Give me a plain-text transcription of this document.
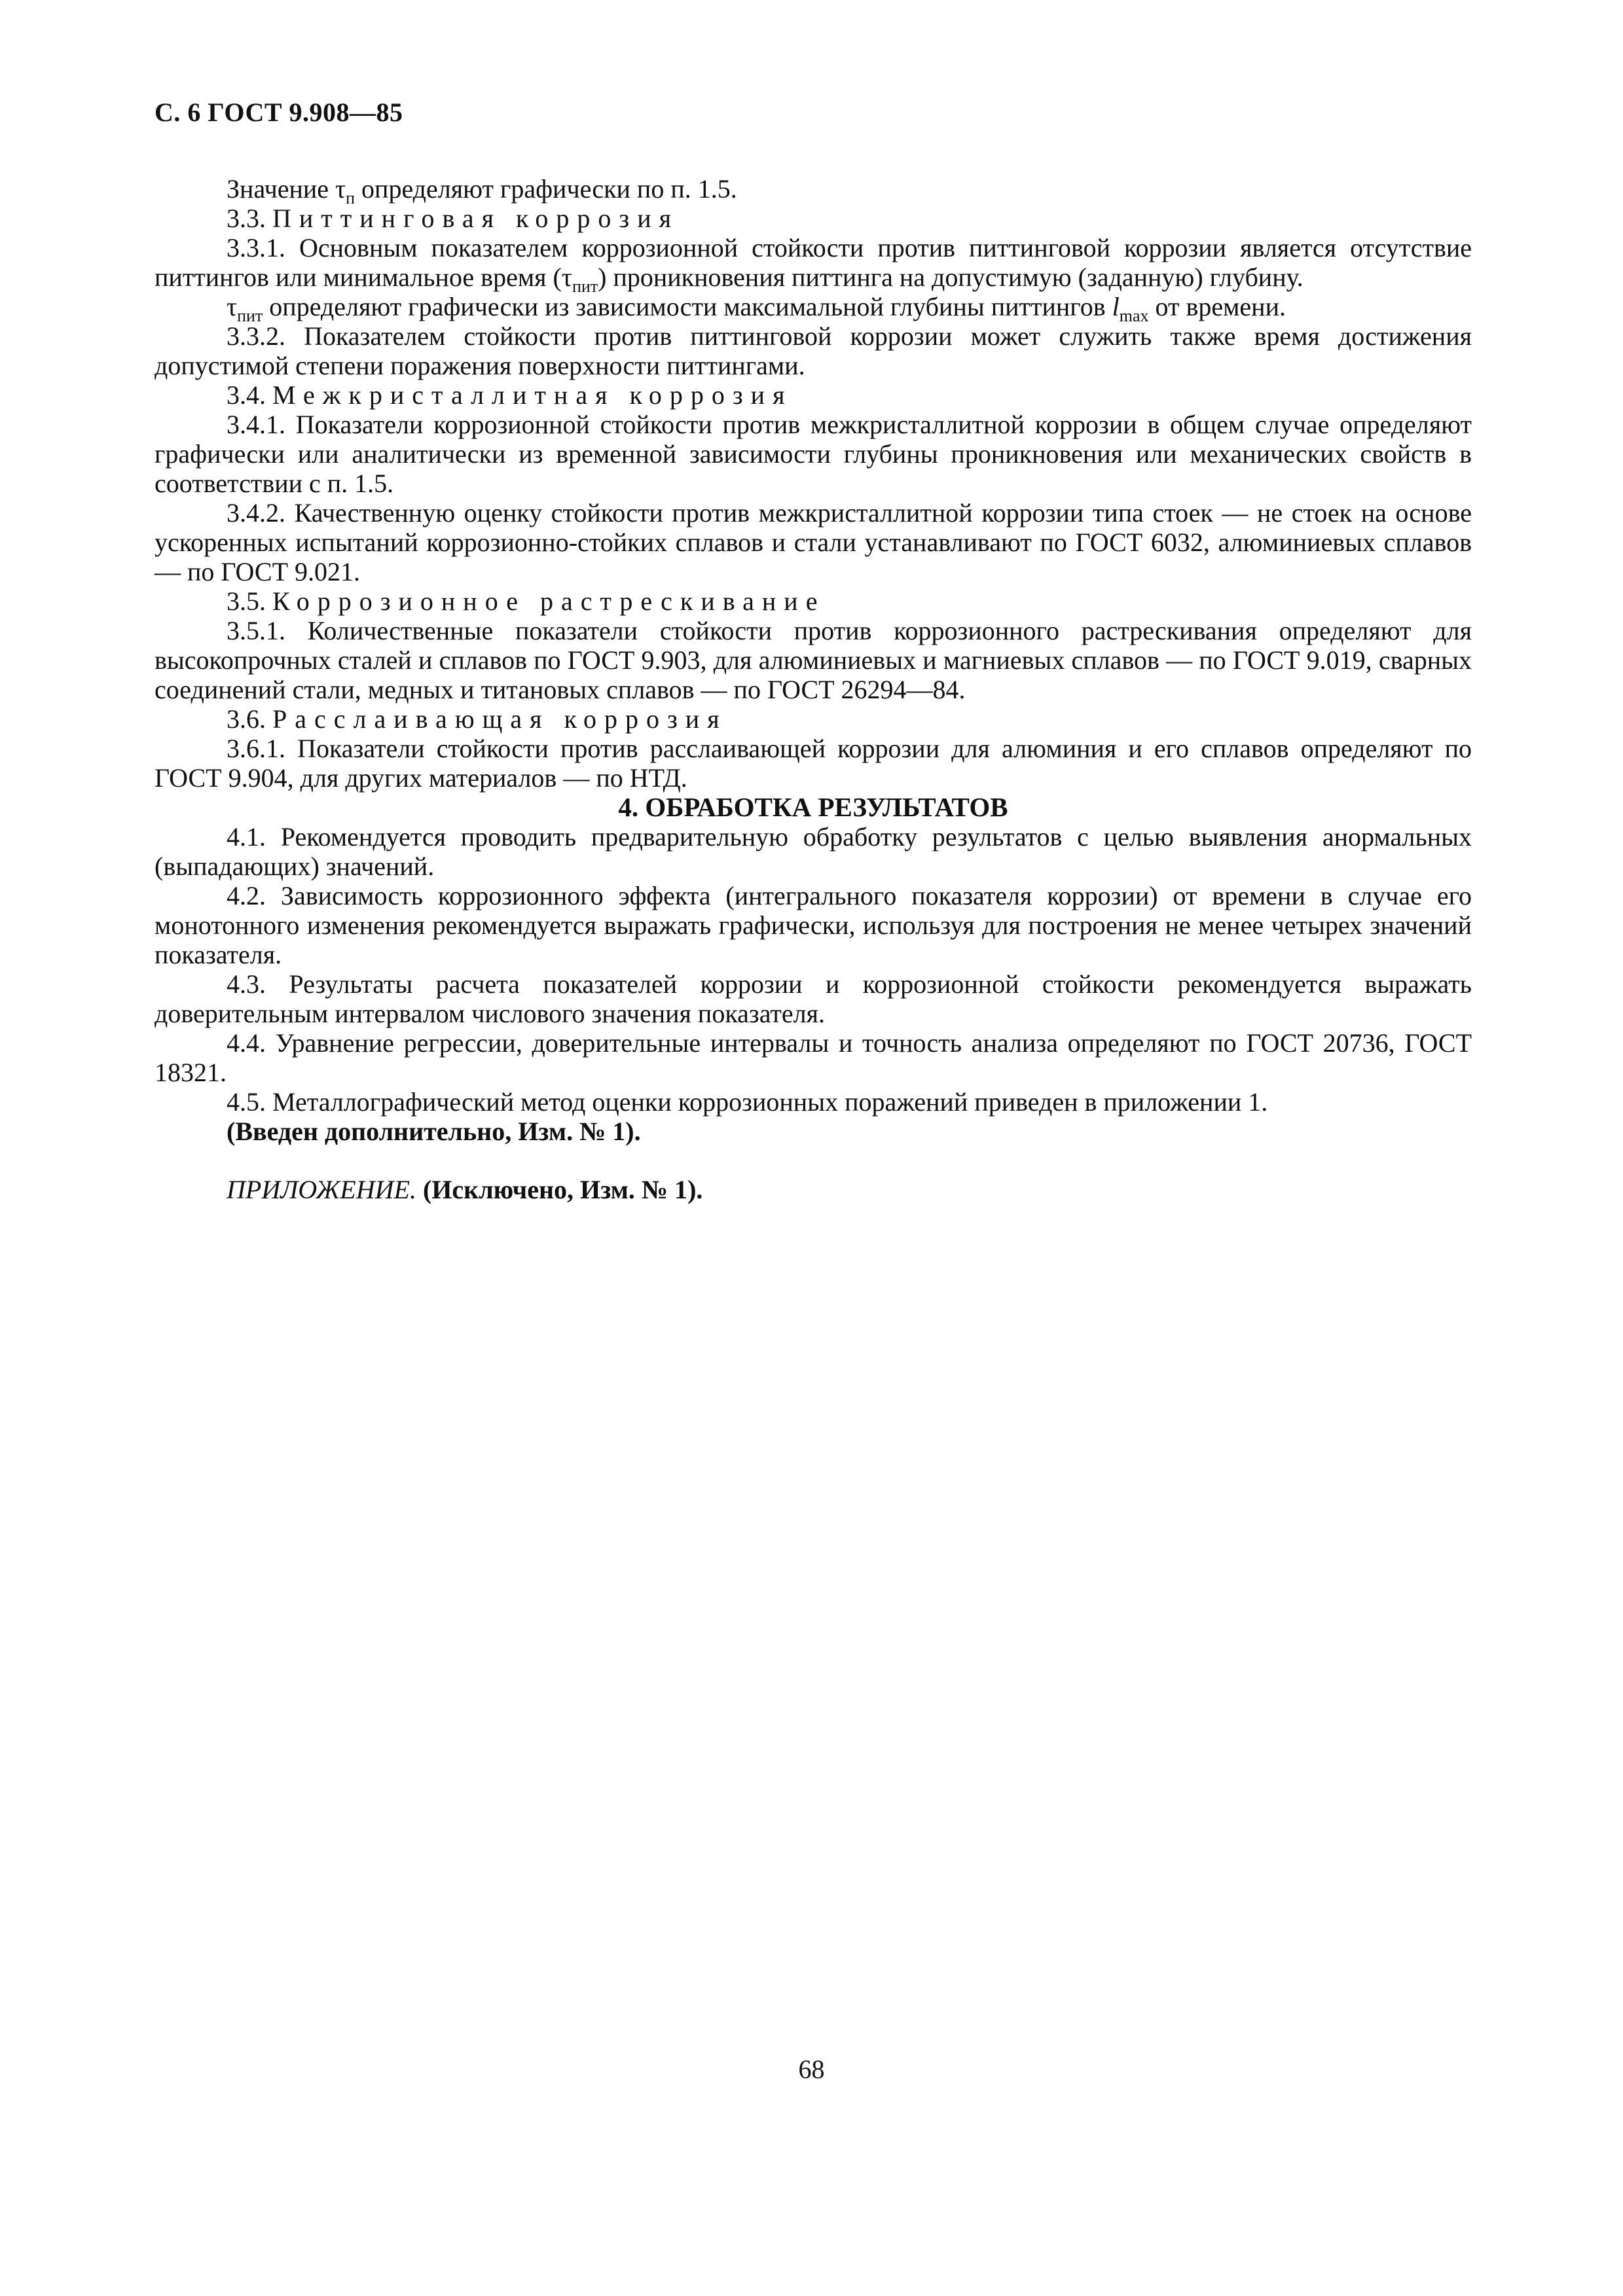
С. 6 ГОСТ 9.908—85

Значение $\tau_п$ определяют графически по п. 1.5.

3.3. Питтинговая коррозия

3.3.1. Основным показателем коррозионной стойкости против питтинговой коррозии является отсутствие питтингов или минимальное время $(\tau_{пит})$ проникновения питтинга на допустимую (заданную) глубину.

$\tau_{пит}$ определяют графически из зависимости максимальной глубины питтингов $l_{max}$ от времени.

3.3.2. Показателем стойкости против питтинговой коррозии может служить также время достижения допустимой степени поражения поверхности питтингами.

3.4. Межкристаллитная коррозия

3.4.1. Показатели коррозионной стойкости против межкристаллитной коррозии в общем случае определяют графически или аналитически из временной зависимости глубины проникновения или механических свойств в соответствии с п. 1.5.

3.4.2. Качественную оценку стойкости против межкристаллитной коррозии типа стоек — не стоек на основе ускоренных испытаний коррозионно-стойких сплавов и стали устанавливают по ГОСТ 6032, алюминиевых сплавов — по ГОСТ 9.021.

3.5. Коррозионное растрескивание

3.5.1. Количественные показатели стойкости против коррозионного растрескивания определяют для высокопрочных сталей и сплавов по ГОСТ 9.903, для алюминиевых и магниевых сплавов — по ГОСТ 9.019, сварных соединений стали, медных и титановых сплавов — по ГОСТ 26294—84.

3.6. Расслаивающая коррозия

3.6.1. Показатели стойкости против расслаивающей коррозии для алюминия и его сплавов определяют по ГОСТ 9.904, для других материалов — по НТД.

4. ОБРАБОТКА РЕЗУЛЬТАТОВ

4.1. Рекомендуется проводить предварительную обработку результатов с целью выявления анормальных (выпадающих) значений.

4.2. Зависимость коррозионного эффекта (интегрального показателя коррозии) от времени в случае его монотонного изменения рекомендуется выражать графически, используя для построения не менее четырех значений показателя.

4.3. Результаты расчета показателей коррозии и коррозионной стойкости рекомендуется выражать доверительным интервалом числового значения показателя.

4.4. Уравнение регрессии, доверительные интервалы и точность анализа определяют по ГОСТ 20736, ГОСТ 18321.

4.5. Металлографический метод оценки коррозионных поражений приведен в приложении 1.

(Введен дополнительно, Изм. № 1).

ПРИЛОЖЕНИЕ. (Исключено, Изм. № 1).

68
